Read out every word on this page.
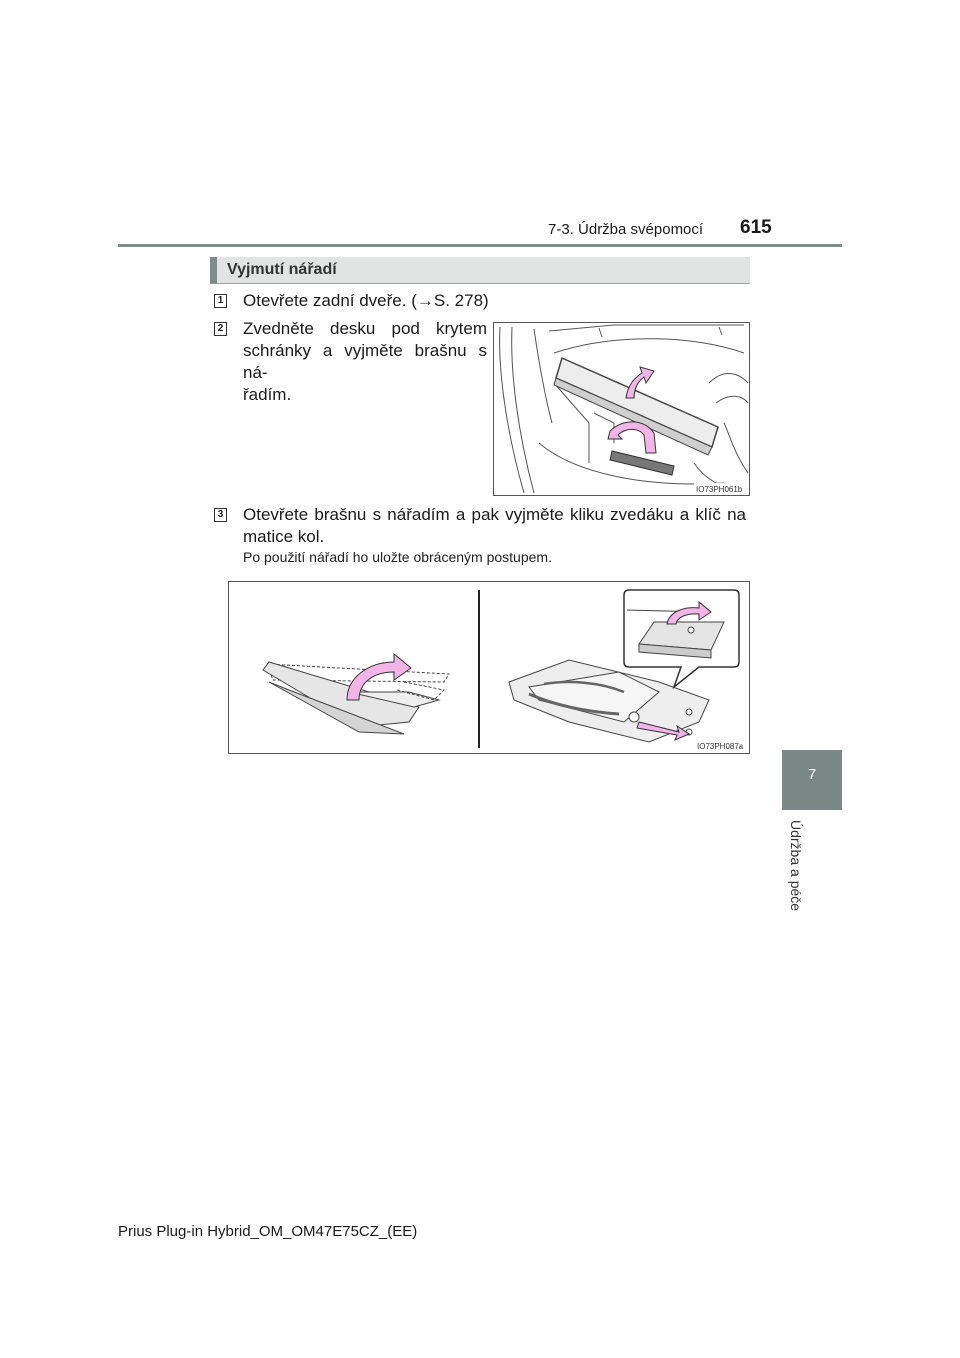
7-3. Údržba svépomocí 615
7
Údržba a péče
Vyjmutí nářadí
1 Otevřete zadní dveře. (→S. 278)
2 Zvedněte desku pod krytem
schránky a vyjměte brašnu s ná-
řadím.
IO73PH061b
3 Otevřete brašnu s nářadím a pak vyjměte kliku zvedáku a klíč na
matice kol.
Po použití nářadí ho uložte obráceným postupem.
IO73PH087a
Prius Plug-in Hybrid_OM_OM47E75CZ_(EE)
